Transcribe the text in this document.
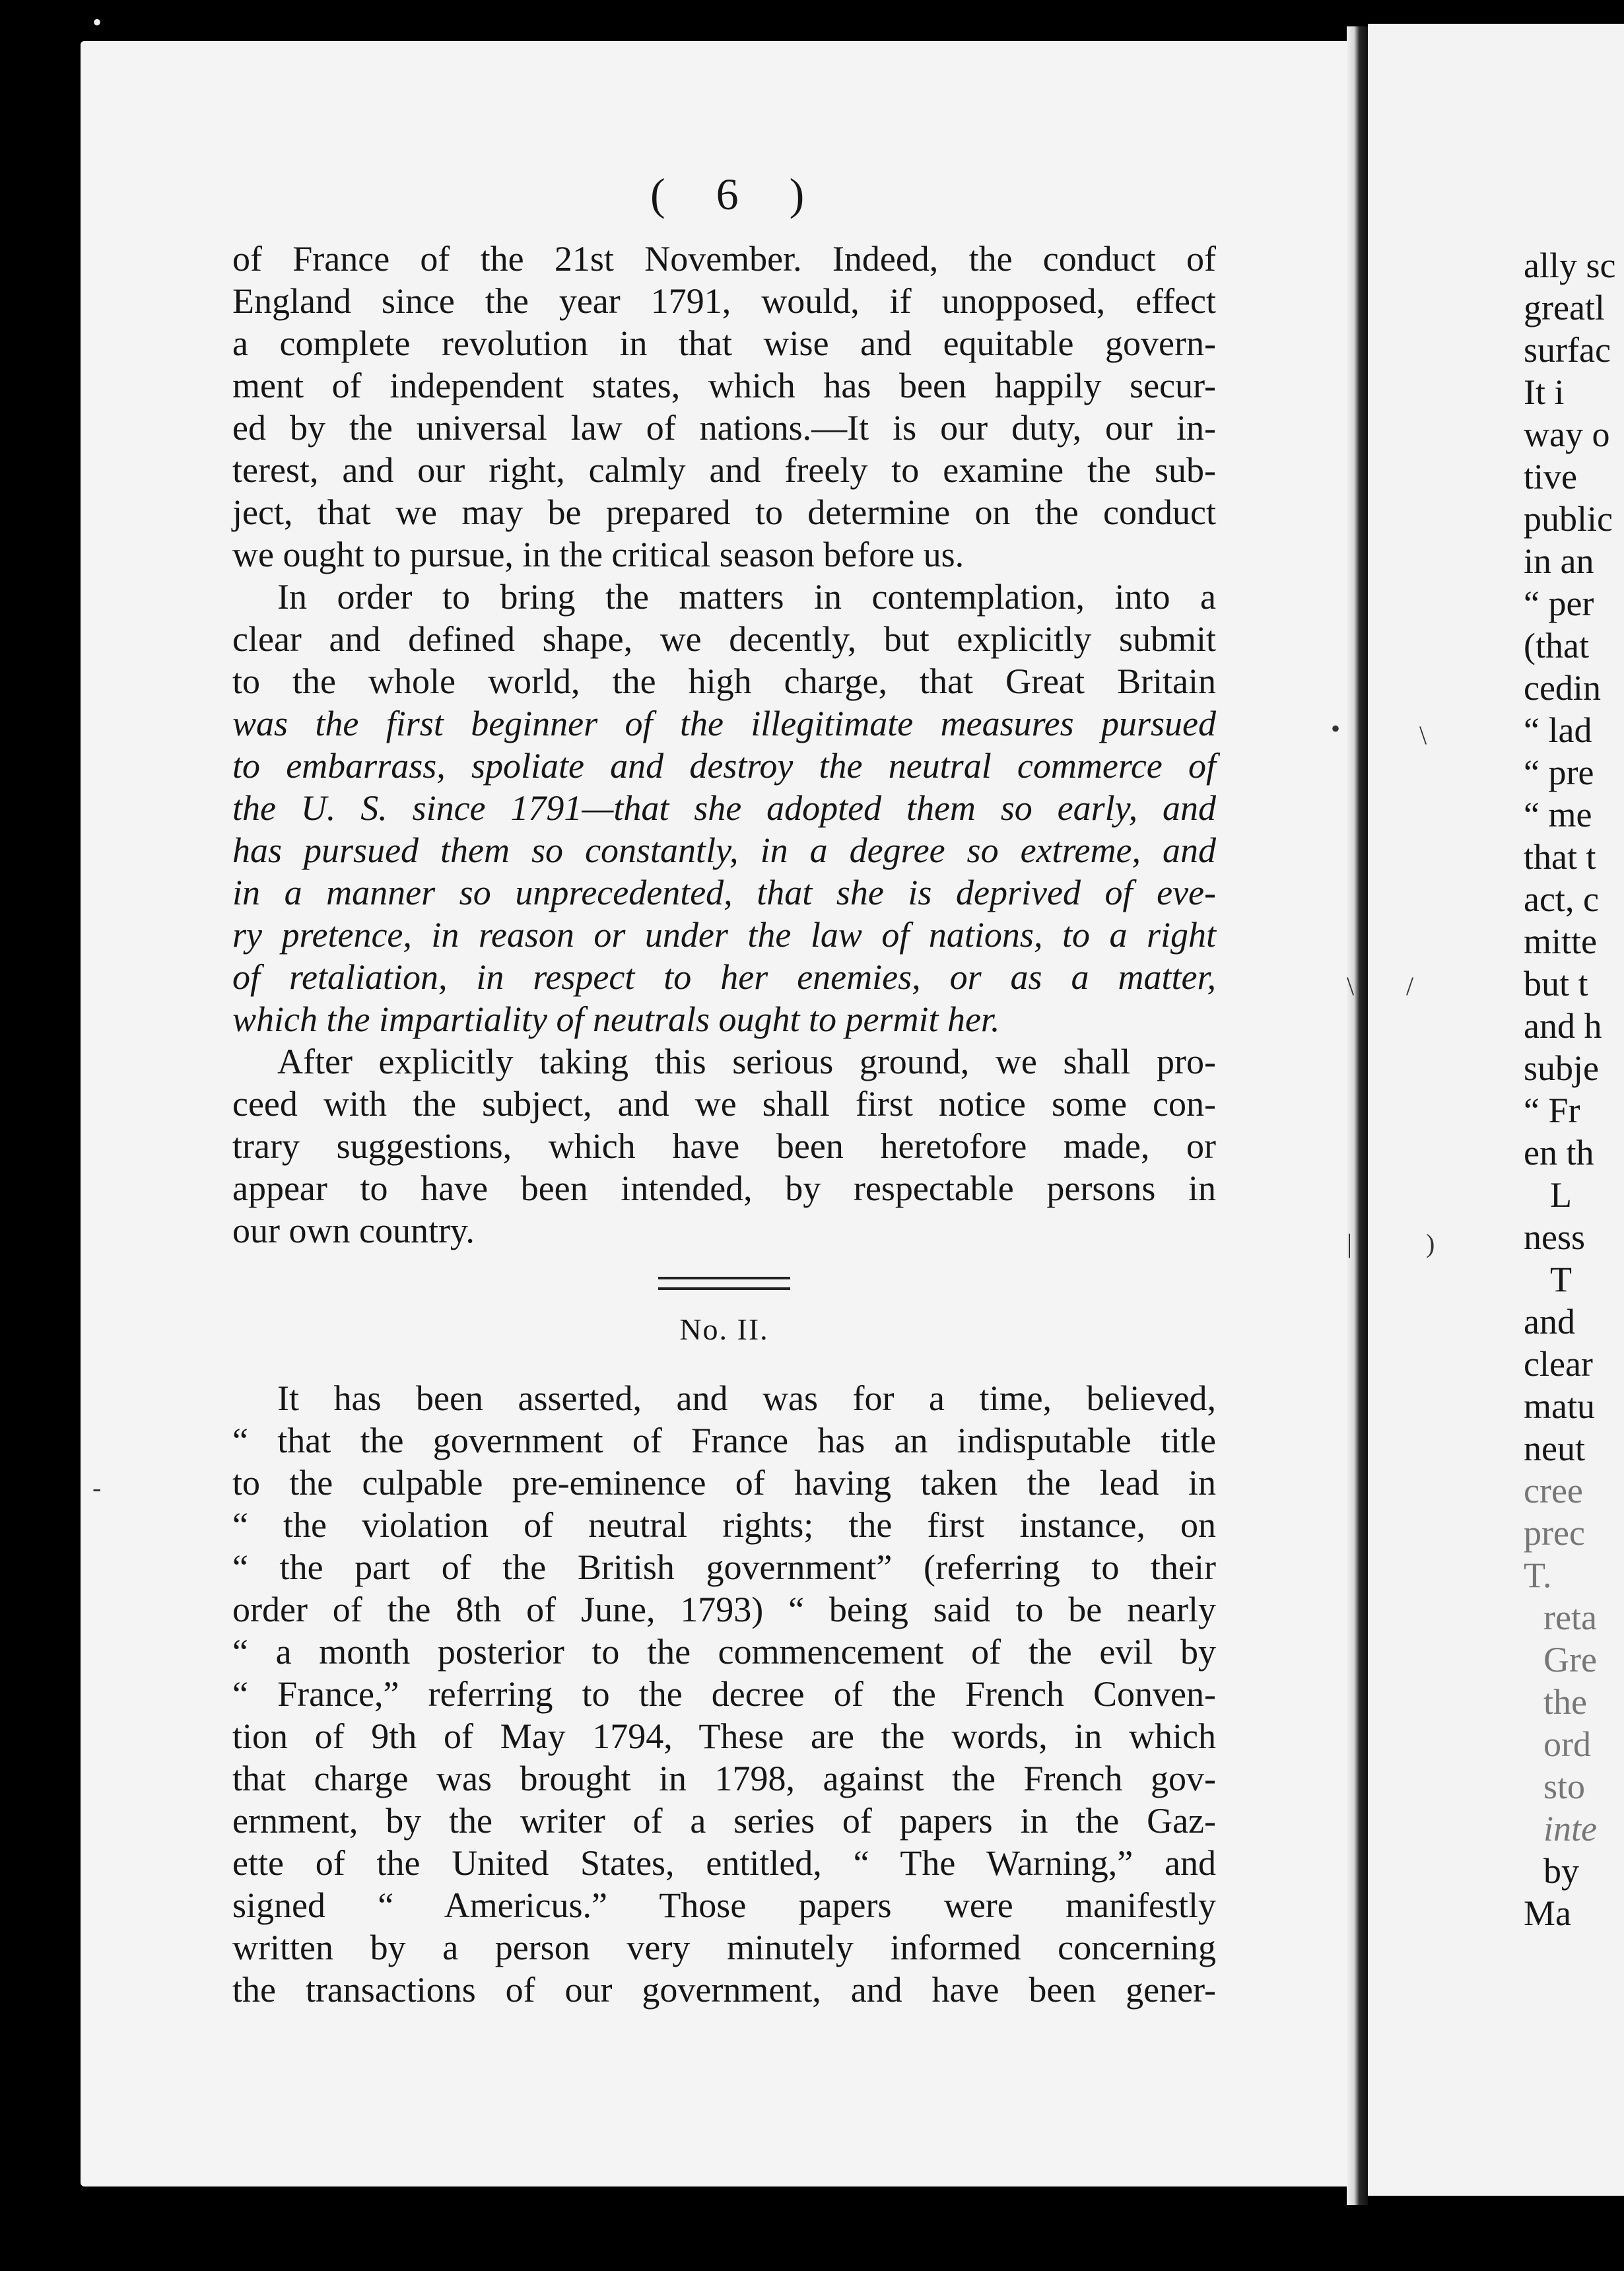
( 6 )
of France of the 21st November. Indeed, the conduct of
England since the year 1791, would, if unopposed, effect
a complete revolution in that wise and equitable govern-
ment of independent states, which has been happily secur-
ed by the universal law of nations.—It is our duty, our in-
terest, and our right, calmly and freely to examine the sub-
ject, that we may be prepared to determine on the conduct
we ought to pursue, in the critical season before us.
In order to bring the matters in contemplation, into a
clear and defined shape, we decently, but explicitly submit
to the whole world, the high charge, that Great Britain
was the first beginner of the illegitimate measures pursued
to embarrass, spoliate and destroy the neutral commerce of
the U. S. since 1791—that she adopted them so early, and
has pursued them so constantly, in a degree so extreme, and
in a manner so unprecedented, that she is deprived of eve-
ry pretence, in reason or under the law of nations, to a right
of retaliation, in respect to her enemies, or as a matter,
which the impartiality of neutrals ought to permit her.
After explicitly taking this serious ground, we shall pro-
ceed with the subject, and we shall first notice some con-
trary suggestions, which have been heretofore made, or
appear to have been intended, by respectable persons in
our own country.
No. II.
It has been asserted, and was for a time, believed,
“ that the government of France has an indisputable title
to the culpable pre-eminence of having taken the lead in
“ the violation of neutral rights; the first instance, on
“ the part of the British government” (referring to their
order of the 8th of June, 1793) “ being said to be nearly
“ a month posterior to the commencement of the evil by
“ France,” referring to the decree of the French Conven-
tion of 9th of May 1794, These are the words, in which
that charge was brought in 1798, against the French gov-
ernment, by the writer of a series of papers in the Gaz-
ette of the United States, entitled, “ The Warning,” and
signed “ Americus.” Those papers were manifestly
written by a person very minutely informed concerning
the transactions of our government, and have been gener-
ally sc
greatl
surfac
It i
way o
tive
public
in an
“ per
(that
cedin
“ lad
“ pre
“ me
that t
act, c
mitte
but t
and h
subje
“ Fr
en th
L
ness
T
and
clear
matu
neut
cree
prec
T.
reta
Gre
the
ord
sto
inte
by
Ma
•	\
\ /
|	)
-
•
